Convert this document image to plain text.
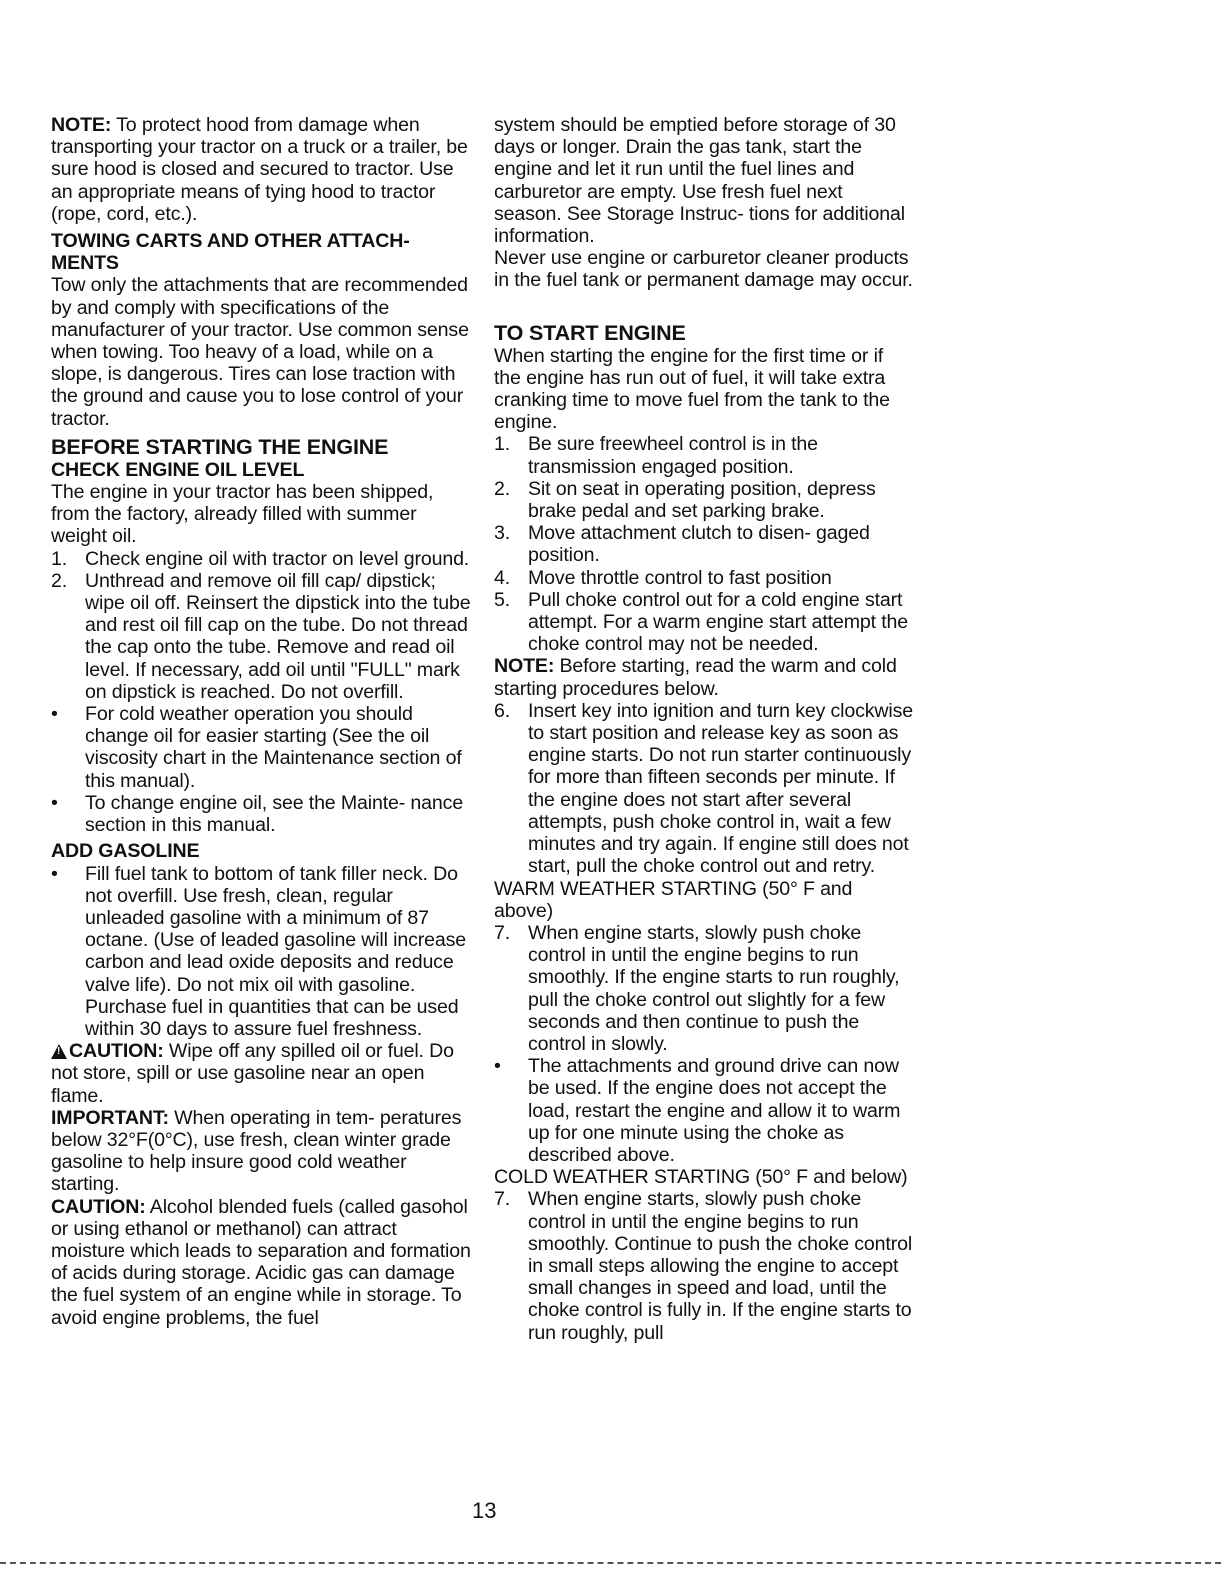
NOTE: To protect hood from damage when transporting your tractor on a truck or a trailer, be sure hood is closed and secured to tractor. Use an appropriate means of tying hood to tractor (rope, cord, etc.).

TOWING CARTS AND OTHER ATTACH- MENTS

Tow only the attachments that are recommended by and comply with specifications of the manufacturer of your tractor. Use common sense when towing. Too heavy of a load, while on a slope, is dangerous. Tires can lose traction with the ground and cause you to lose control of your tractor.

BEFORE STARTING THE ENGINE

CHECK ENGINE OIL LEVEL

The engine in your tractor has been shipped, from the factory, already filled with summer weight oil.

1. Check engine oil with tractor on level ground.
2. Unthread and remove oil fill cap/ dipstick; wipe oil off. Reinsert the dipstick into the tube and rest oil fill cap on the tube. Do not thread the cap onto the tube. Remove and read oil level. If necessary, add oil until "FULL" mark on dipstick is reached. Do not overfill.
•	For cold weather operation you should change oil for easier starting (See the oil viscosity chart in the Maintenance section of this manual).
•	To change engine oil, see the Mainte- nance section in this manual.

ADD GASOLINE

•	Fill fuel tank to bottom of tank filler neck. Do not overfill. Use fresh, clean, regular unleaded gasoline with a minimum of 87 octane. (Use of leaded gasoline will increase carbon and lead oxide deposits and reduce valve life). Do not mix oil with gasoline. Purchase fuel in quantities that can be used within 30 days to assure fuel freshness.

!CAUTION: Wipe off any spilled oil or fuel. Do not store, spill or use gasoline near an open flame.

IMPORTANT: When operating in tem- peratures below 32°F(0°C), use fresh, clean winter grade gasoline to help insure good cold weather starting.

CAUTION: Alcohol blended fuels (called gasohol or using ethanol or methanol) can attract moisture which leads to separation and formation of acids during storage. Acidic gas can damage the fuel system of an engine while in storage. To avoid engine problems, the fuel

system should be emptied before storage of 30 days or longer. Drain the gas tank, start the engine and let it run until the fuel lines and carburetor are empty. Use fresh fuel next season. See Storage Instruc- tions for additional information.

Never use engine or carburetor cleaner products in the fuel tank or permanent damage may occur.

TO START ENGINE

When starting the engine for the first time or if the engine has run out of fuel, it will take extra cranking time to move fuel from the tank to the engine.

1. Be sure freewheel control is in the transmission engaged position.
2. Sit on seat in operating position, depress brake pedal and set parking brake.
3. Move attachment clutch to disen- gaged position.
4. Move throttle control to fast position
5. Pull choke control out for a cold engine start attempt. For a warm engine start attempt the choke control may not be needed.

NOTE: Before starting, read the warm and cold starting procedures below.

6. Insert key into ignition and turn key clockwise to start position and release key as soon as engine starts. Do not run starter continuously for more than fifteen seconds per minute. If the engine does not start after several attempts, push choke control in, wait a few minutes and try again. If engine still does not start, pull the choke control out and retry.

WARM WEATHER STARTING (50° F and above)

7. When engine starts, slowly push choke control in until the engine begins to run smoothly. If the engine starts to run roughly, pull the choke control out slightly for a few seconds and then continue to push the control in slowly.
•	The attachments and ground drive can now be used. If the engine does not accept the load, restart the engine and allow it to warm up for one minute using the choke as described above.

COLD WEATHER STARTING (50° F and below)

7. When engine starts, slowly push choke control in until the engine begins to run smoothly. Continue to push the choke control in small steps allowing the engine to accept small changes in speed and load, until the choke control is fully in. If the engine starts to run roughly, pull
13
